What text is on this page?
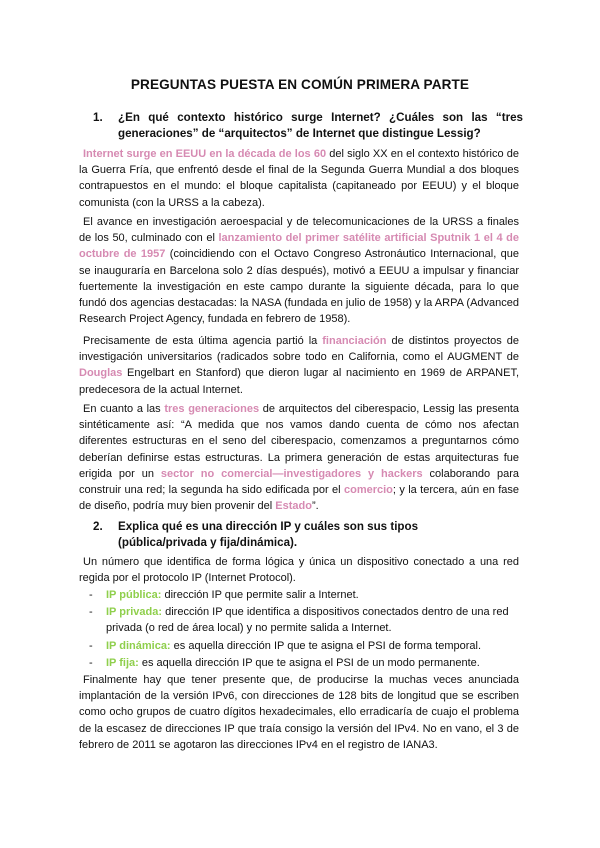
PREGUNTAS PUESTA EN COMÚN PRIMERA PARTE
1. ¿En qué contexto histórico surge Internet? ¿Cuáles son las “tres generaciones” de “arquitectos” de Internet que distingue Lessig?
Internet surge en EEUU en la década de los 60 del siglo XX en el contexto histórico de la Guerra Fría, que enfrentó desde el final de la Segunda Guerra Mundial a dos bloques contrapuestos en el mundo: el bloque capitalista (capitaneado por EEUU) y el bloque comunista (con la URSS a la cabeza).
El avance en investigación aeroespacial y de telecomunicaciones de la URSS a finales de los 50, culminado con el lanzamiento del primer satélite artificial Sputnik 1 el 4 de octubre de 1957 (coincidiendo con el Octavo Congreso Astronáutico Internacional, que se inauguraría en Barcelona solo 2 días después), motivó a EEUU a impulsar y financiar fuertemente la investigación en este campo durante la siguiente década, para lo que fundó dos agencias destacadas: la NASA (fundada en julio de 1958) y la ARPA (Advanced Research Project Agency, fundada en febrero de 1958).
Precisamente de esta última agencia partió la financiación de distintos proyectos de investigación universitarios (radicados sobre todo en California, como el AUGMENT de Douglas Engelbart en Stanford) que dieron lugar al nacimiento en 1969 de ARPANET, predecesora de la actual Internet.
En cuanto a las tres generaciones de arquitectos del ciberespacio, Lessig las presenta sintéticamente así: “A medida que nos vamos dando cuenta de cómo nos afectan diferentes estructuras en el seno del ciberespacio, comenzamos a preguntarnos cómo deberían definirse estas estructuras. La primera generación de estas arquitecturas fue erigida por un sector no comercial—investigadores y hackers colaborando para construir una red; la segunda ha sido edificada por el comercio; y la tercera, aún en fase de diseño, podría muy bien provenir del Estado”.
2. Explica qué es una dirección IP y cuáles son sus tipos (pública/privada y fija/dinámica).
Un número que identifica de forma lógica y única un dispositivo conectado a una red regida por el protocolo IP (Internet Protocol).
- IP pública: dirección IP que permite salir a Internet.
- IP privada: dirección IP que identifica a dispositivos conectados dentro de una red privada (o red de área local) y no permite salida a Internet.
- IP dinámica: es aquella dirección IP que te asigna el PSI de forma temporal.
- IP fija: es aquella dirección IP que te asigna el PSI de un modo permanente.
Finalmente hay que tener presente que, de producirse la muchas veces anunciada implantación de la versión IPv6, con direcciones de 128 bits de longitud que se escriben como ocho grupos de cuatro dígitos hexadecimales, ello erradicaría de cuajo el problema de la escasez de direcciones IP que traía consigo la versión del IPv4. No en vano, el 3 de febrero de 2011 se agotaron las direcciones IPv4 en el registro de IANA3.
